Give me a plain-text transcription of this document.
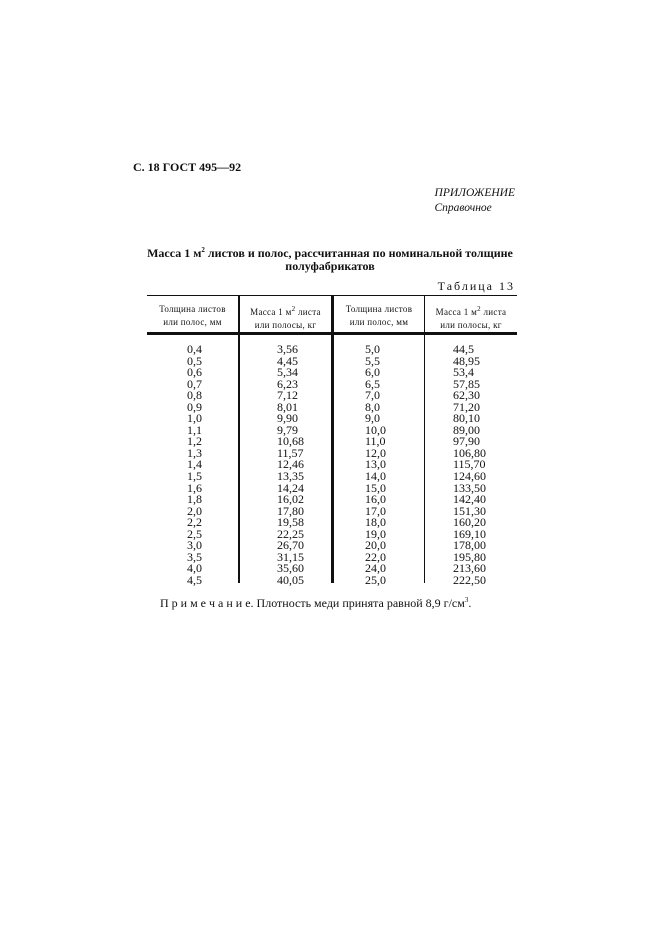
С. 18 ГОСТ 495—92
ПРИЛОЖЕНИЕ
Справочное
Масса 1 $м^2$ листов и полос, рассчитанная по номинальной толщине
полуфабрикатов
Таблица 13
Толщина листов
или полос, мм
Масса 1 $м^2$ листа
или полосы, кг
Толщина листов
или полос, мм
Масса 1 $м^2$ листа
или полосы, кг
0,4
0,5
0,6
0,7
0,8
0,9
1,0
1,1
1,2
1,3
1,4
1,5
1,6
1,8
2,0
2,2
2,5
3,0
3,5
4,0
4,5
3,56
4,45
5,34
6,23
7,12
8,01
9,90
9,79
10,68
11,57
12,46
13,35
14,24
16,02
17,80
19,58
22,25
26,70
31,15
35,60
40,05
5,0
5,5
6,0
6,5
7,0
8,0
9,0
10,0
11,0
12,0
13,0
14,0
15,0
16,0
17,0
18,0
19,0
20,0
22,0
24,0
25,0
44,5
48,95
53,4
57,85
62,30
71,20
80,10
89,00
97,90
106,80
115,70
124,60
133,50
142,40
151,30
160,20
169,10
178,00
195,80
213,60
222,50
П р и м е ч а н и е. Плотность меди принята равной 8,9 $г/см^3$.
